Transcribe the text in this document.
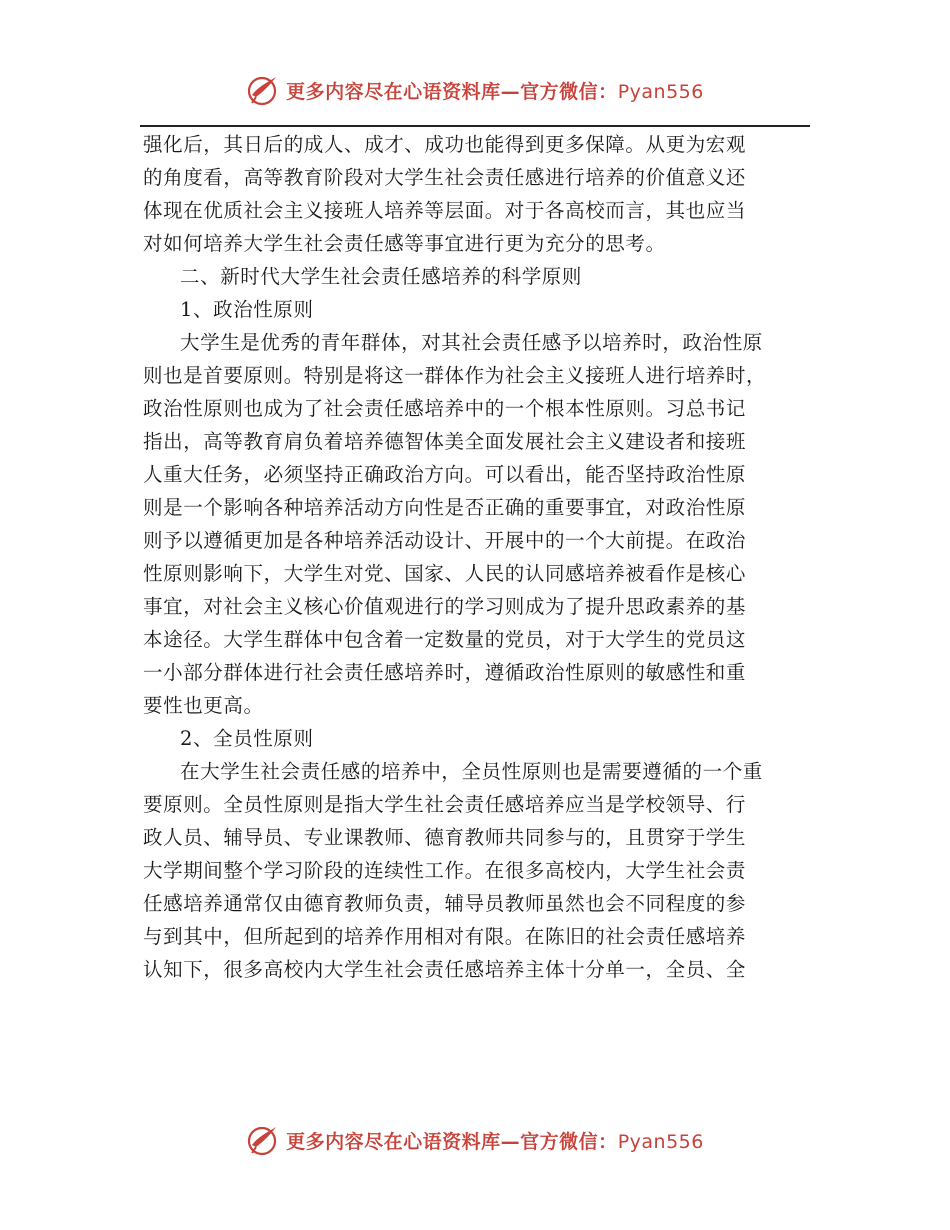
更多内容尽在心语资料库—官方微信：Pyan556
强化后，其日后的成人、成才、成功也能得到更多保障。从更为宏观
的角度看，高等教育阶段对大学生社会责任感进行培养的价值意义还
体现在优质社会主义接班人培养等层面。对于各高校而言，其也应当
对如何培养大学生社会责任感等事宜进行更为充分的思考。
二、新时代大学生社会责任感培养的科学原则
1、政治性原则
大学生是优秀的青年群体，对其社会责任感予以培养时，政治性原
则也是首要原则。特别是将这一群体作为社会主义接班人进行培养时，
政治性原则也成为了社会责任感培养中的一个根本性原则。习总书记
指出，高等教育肩负着培养德智体美全面发展社会主义建设者和接班
人重大任务，必须坚持正确政治方向。可以看出，能否坚持政治性原
则是一个影响各种培养活动方向性是否正确的重要事宜，对政治性原
则予以遵循更加是各种培养活动设计、开展中的一个大前提。在政治
性原则影响下，大学生对党、国家、人民的认同感培养被看作是核心
事宜，对社会主义核心价值观进行的学习则成为了提升思政素养的基
本途径。大学生群体中包含着一定数量的党员，对于大学生的党员这
一小部分群体进行社会责任感培养时，遵循政治性原则的敏感性和重
要性也更高。
2、全员性原则
在大学生社会责任感的培养中，全员性原则也是需要遵循的一个重
要原则。全员性原则是指大学生社会责任感培养应当是学校领导、行
政人员、辅导员、专业课教师、德育教师共同参与的，且贯穿于学生
大学期间整个学习阶段的连续性工作。在很多高校内，大学生社会责
任感培养通常仅由德育教师负责，辅导员教师虽然也会不同程度的参
与到其中，但所起到的培养作用相对有限。在陈旧的社会责任感培养
认知下，很多高校内大学生社会责任感培养主体十分单一，全员、全
更多内容尽在心语资料库—官方微信：Pyan556
